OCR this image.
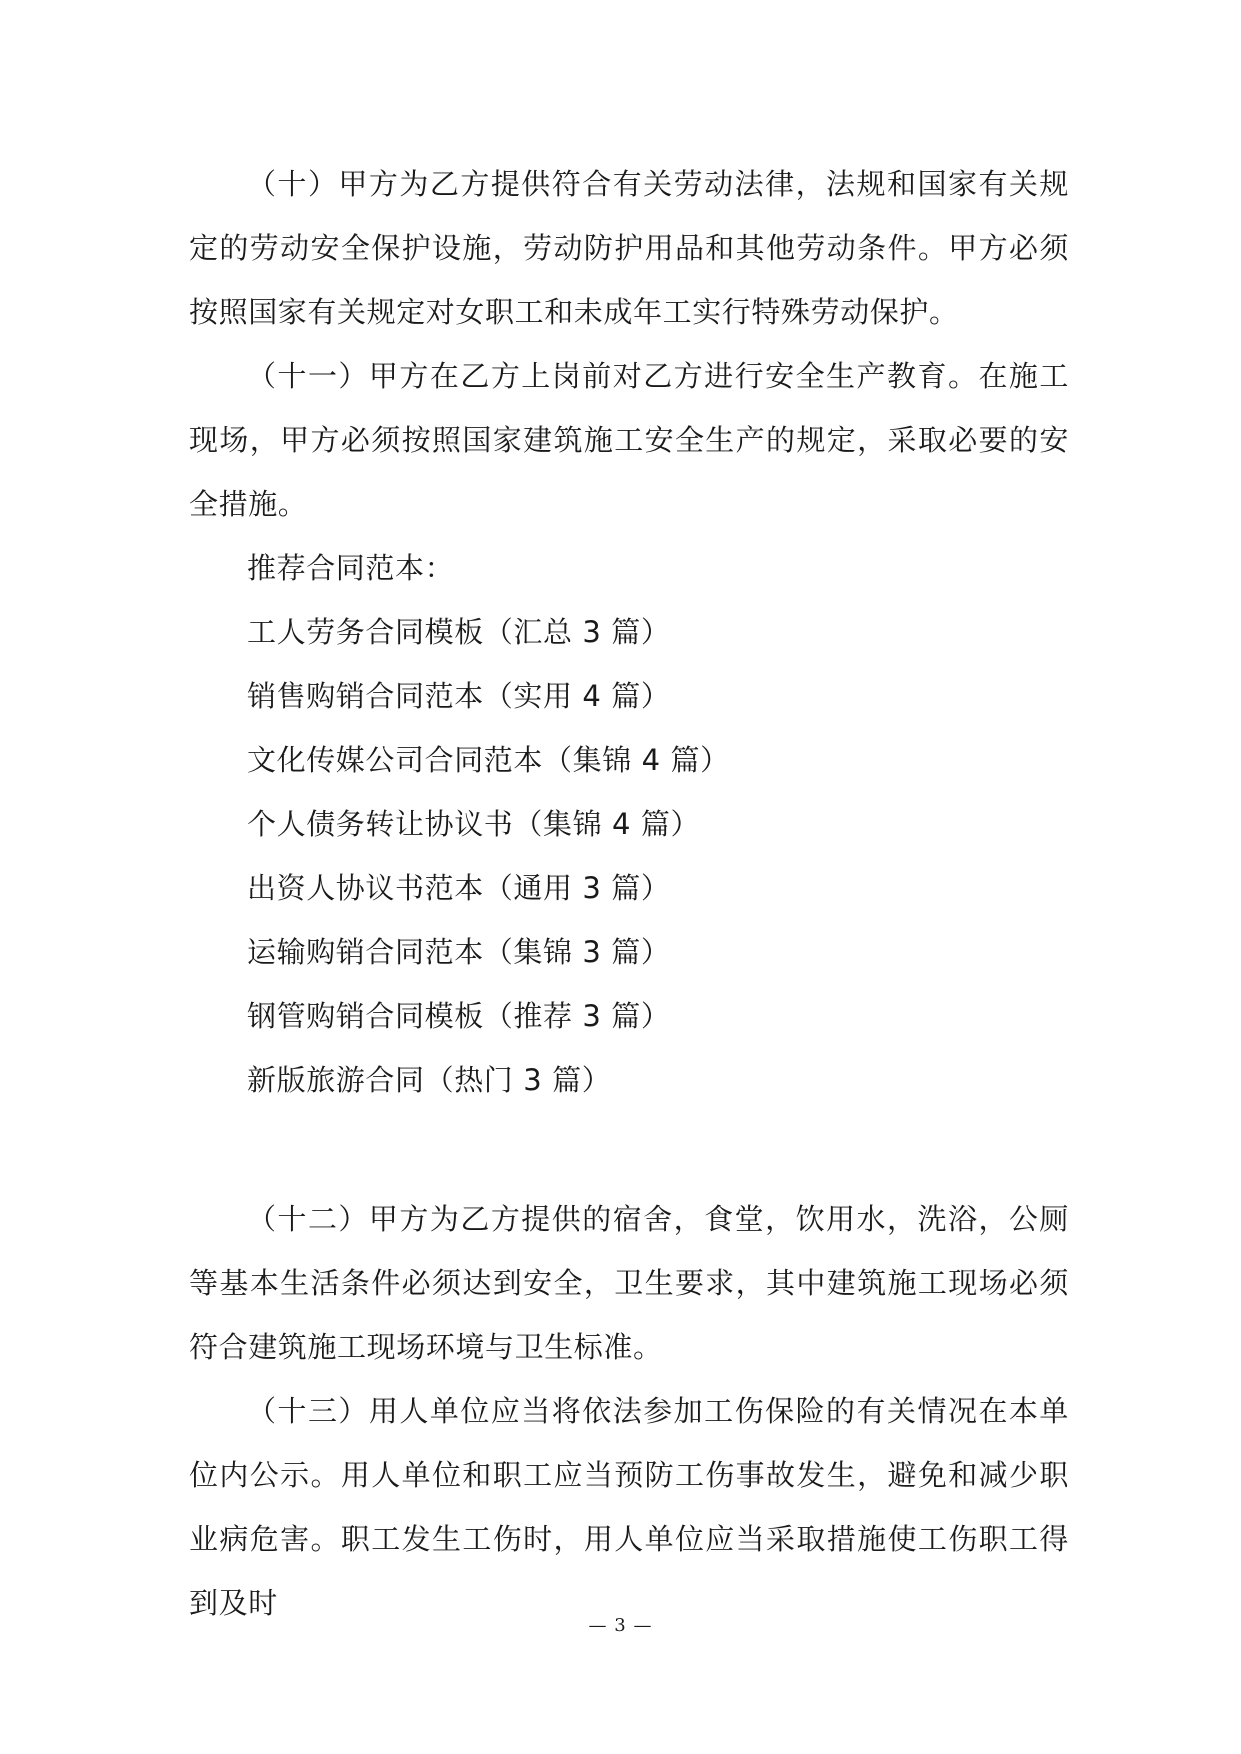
（十）甲方为乙方提供符合有关劳动法律，法规和国家有关规定的劳动安全保护设施，劳动防护用品和其他劳动条件。甲方必须按照国家有关规定对女职工和未成年工实行特殊劳动保护。

（十一）甲方在乙方上岗前对乙方进行安全生产教育。在施工现场，甲方必须按照国家建筑施工安全生产的规定，采取必要的安全措施。

推荐合同范本：

工人劳务合同模板（汇总 3 篇）

销售购销合同范本（实用 4 篇）

文化传媒公司合同范本（集锦 4 篇）

个人债务转让协议书（集锦 4 篇）

出资人协议书范本（通用 3 篇）

运输购销合同范本（集锦 3 篇）

钢管购销合同模板（推荐 3 篇）

新版旅游合同（热门 3 篇）

（十二）甲方为乙方提供的宿舍，食堂，饮用水，洗浴，公厕等基本生活条件必须达到安全，卫生要求，其中建筑施工现场必须符合建筑施工现场环境与卫生标准。

（十三）用人单位应当将依法参加工伤保险的有关情况在本单位内公示。用人单位和职工应当预防工伤事故发生，避免和减少职业病危害。职工发生工伤时，用人单位应当采取措施使工伤职工得到及时

— 3 —
